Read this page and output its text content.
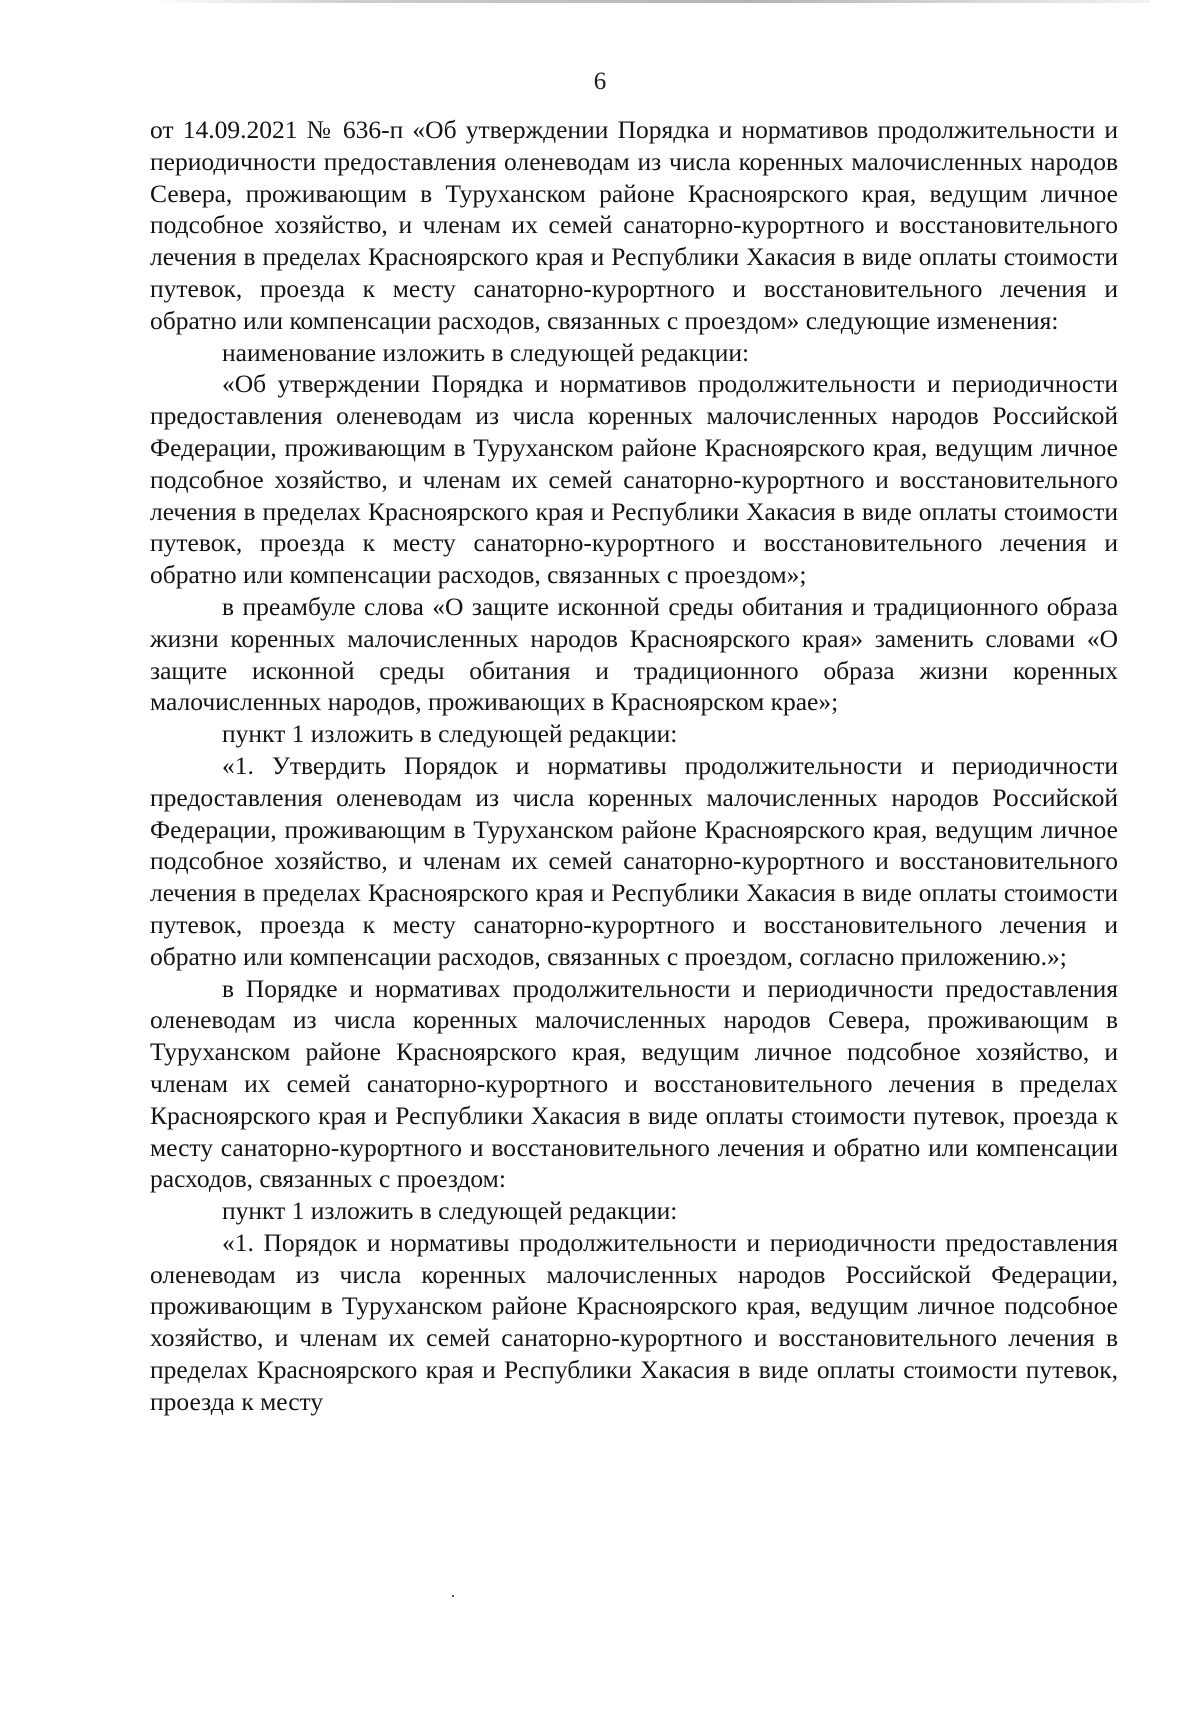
6

от 14.09.2021 № 636-п «Об утверждении Порядка и нормативов продолжительности и периодичности предоставления оленеводам из числа коренных малочисленных народов Севера, проживающим в Туруханском районе Красноярского края, ведущим личное подсобное хозяйство, и членам их семей санаторно-курортного и восстановительного лечения в пределах Красноярского края и Республики Хакасия в виде оплаты стоимости путевок, проезда к месту санаторно-курортного и восстановительного лечения и обратно или компенсации расходов, связанных с проездом» следующие изменения:

наименование изложить в следующей редакции:

«Об утверждении Порядка и нормативов продолжительности и периодичности предоставления оленеводам из числа коренных малочисленных народов Российской Федерации, проживающим в Туруханском районе Красноярского края, ведущим личное подсобное хозяйство, и членам их семей санаторно-курортного и восстановительного лечения в пределах Красноярского края и Республики Хакасия в виде оплаты стоимости путевок, проезда к месту санаторно-курортного и восстановительного лечения и обратно или компенсации расходов, связанных с проездом»;

в преамбуле слова «О защите исконной среды обитания и традиционного образа жизни коренных малочисленных народов Красноярского края» заменить словами «О защите исконной среды обитания и традиционного образа жизни коренных малочисленных народов, проживающих в Красноярском крае»;

пункт 1 изложить в следующей редакции:

«1. Утвердить Порядок и нормативы продолжительности и периодичности предоставления оленеводам из числа коренных малочисленных народов Российской Федерации, проживающим в Туруханском районе Красноярского края, ведущим личное подсобное хозяйство, и членам их семей санаторно-курортного и восстановительного лечения в пределах Красноярского края и Республики Хакасия в виде оплаты стоимости путевок, проезда к месту санаторно-курортного и восстановительного лечения и обратно или компенсации расходов, связанных с проездом, согласно приложению.»;

в Порядке и нормативах продолжительности и периодичности предоставления оленеводам из числа коренных малочисленных народов Севера, проживающим в Туруханском районе Красноярского края, ведущим личное подсобное хозяйство, и членам их семей санаторно-курортного и восстановительного лечения в пределах Красноярского края и Республики Хакасия в виде оплаты стоимости путевок, проезда к месту санаторно-курортного и восстановительного лечения и обратно или компенсации расходов, связанных с проездом:

пункт 1 изложить в следующей редакции:

«1. Порядок и нормативы продолжительности и периодичности предоставления оленеводам из числа коренных малочисленных народов Российской Федерации, проживающим в Туруханском районе Красноярского края, ведущим личное подсобное хозяйство, и членам их семей санаторно-курортного и восстановительного лечения в пределах Красноярского края и Республики Хакасия в виде оплаты стоимости путевок, проезда к месту
